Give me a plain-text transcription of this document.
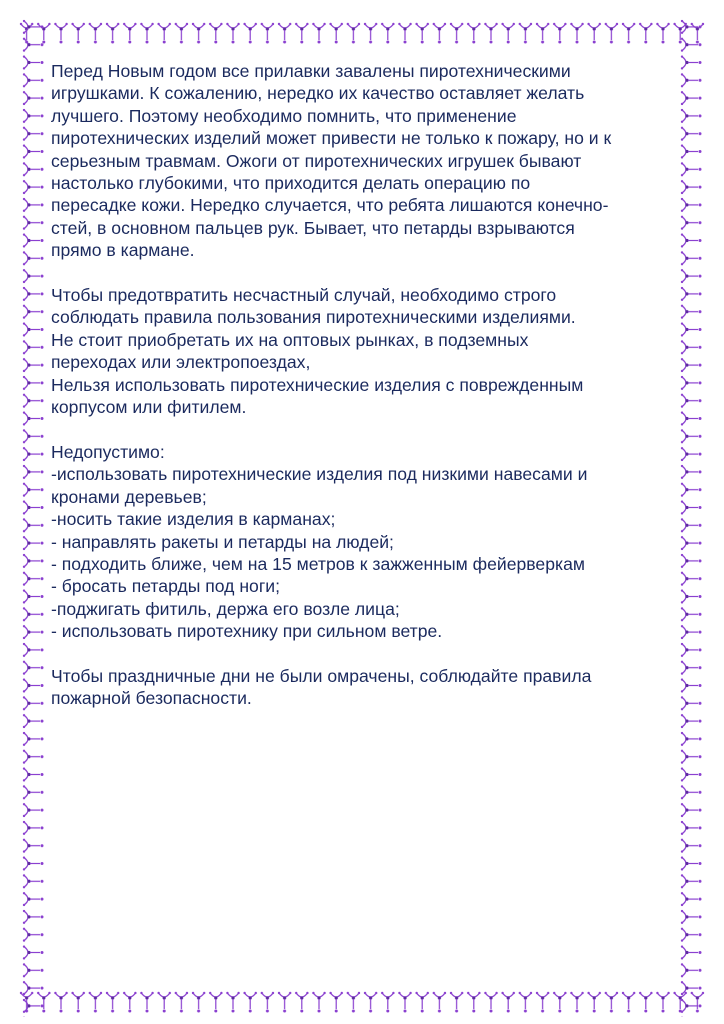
Перед Новым годом все прилавки завалены пиротехническими
игрушками. К сожалению, нередко их качество оставляет желать
лучшего. Поэтому необходимо помнить, что применение
пиротехнических изделий может привести не только к пожару, но и к
серьезным травмам. Ожоги от пиротехнических игрушек бывают
настолько глубокими, что приходится делать операцию по
пересадке кожи. Нередко случается, что ребята лишаются конечно-
стей, в основном пальцев рук. Бывает, что петарды взрываются
прямо в кармане.

Чтобы предотвратить несчастный случай, необходимо строго
соблюдать правила пользования пиротехническими изделиями.
Не стоит приобретать их на оптовых рынках, в подземных
переходах или электропоездах,
Нельзя использовать пиротехнические изделия с поврежденным
корпусом или фитилем.

Недопустимо:
-использовать пиротехнические изделия под низкими навесами и
кронами деревьев;
-носить такие изделия в карманах;
- направлять ракеты и петарды на людей;
- подходить ближе, чем на 15 метров к зажженным фейерверкам
- бросать петарды под ноги;
-поджигать фитиль, держа его возле лица;
- использовать пиротехнику при сильном ветре.

Чтобы праздничные дни не были омрачены, соблюдайте правила
пожарной безопасности.
